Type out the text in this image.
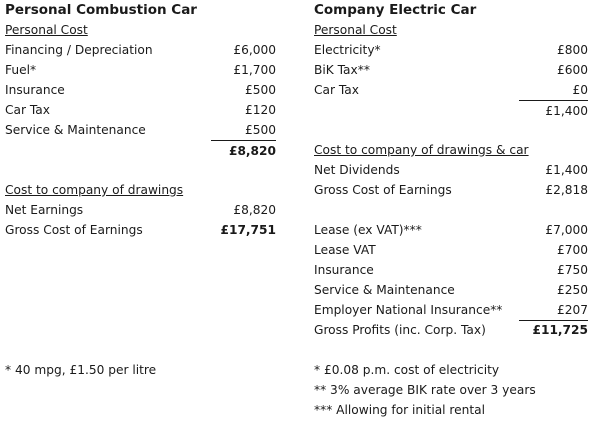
Personal Combustion Car
Personal Cost
Financing / Depreciation	£6,000
Fuel*	£1,700
Insurance	£500
Car Tax	£120
Service & Maintenance	£500
£8,820
Cost to company of drawings
Net Earnings	£8,820
Gross Cost of Earnings	£17,751
* 40 mpg, £1.50 per litre
Company Electric Car
Personal Cost
Electricity*	£800
BiK Tax**	£600
Car Tax	£0
£1,400
Cost to company of drawings & car
Net Dividends	£1,400
Gross Cost of Earnings	£2,818
Lease (ex VAT)***	£7,000
Lease VAT	£700
Insurance	£750
Service & Maintenance	£250
Employer National Insurance**	£207
Gross Profits (inc. Corp. Tax)	£11,725
* £0.08 p.m. cost of electricity
** 3% average BIK rate over 3 years
*** Allowing for initial rental
